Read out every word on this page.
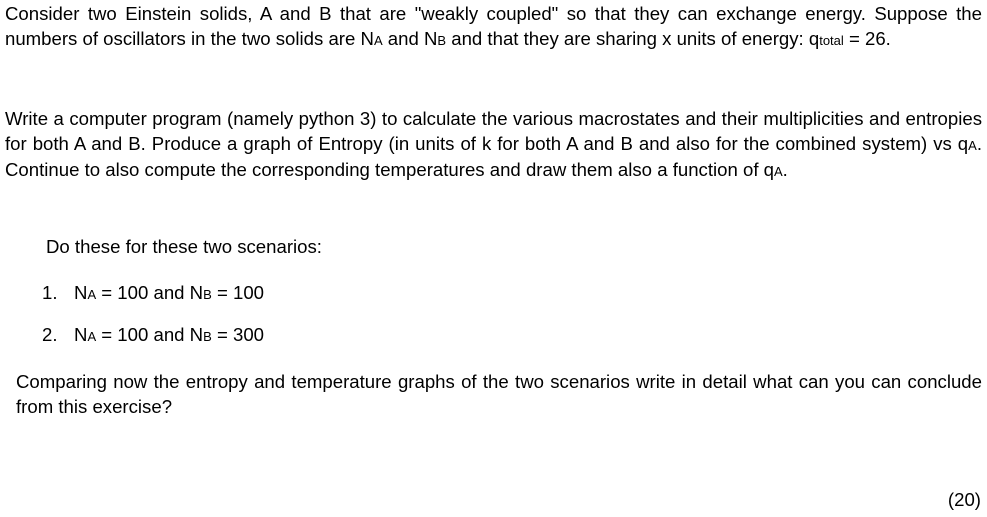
Consider two Einstein solids, A and B that are "weakly coupled" so that they can exchange energy. Suppose the numbers of oscillators in the two solids are NA and NB and that they are sharing x units of energy: qtotal = 26.

Write a computer program (namely python 3) to calculate the various macrostates and their multiplicities and entropies for both A and B. Produce a graph of Entropy (in units of k for both A and B and also for the combined system) vs qA. Continue to also compute the corresponding temperatures and draw them also a function of qA.

Do these for these two scenarios:

1. NA = 100 and NB = 100

2. NA = 100 and NB = 300

Comparing now the entropy and temperature graphs of the two scenarios write in detail what can you can conclude from this exercise?

(20)
